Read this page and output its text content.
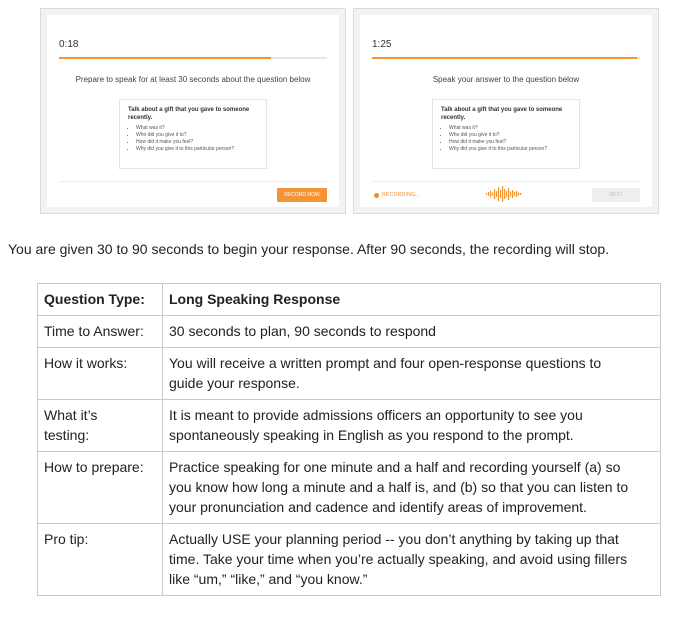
0:18
Prepare to speak for at least 30 seconds about the question below
Talk about a gift that you gave to someone recently.
• What was it?
• Who did you give it to?
• How did it make you feel?
• Why did you give it to this particular person?
RECORD NOW
1:25
Speak your answer to the question below
Talk about a gift that you gave to someone recently.
• What was it?
• Who did you give it to?
• How did it make you feel?
• Why did you give it to this particular person?
RECORDING...	NEXT
You are given 30 to 90 seconds to begin your response. After 90 seconds, the recording will stop.
Question Type:	Long Speaking Response
Time to Answer:	30 seconds to plan, 90 seconds to respond
How it works:	You will receive a written prompt and four open-response questions to
guide your response.
What it’s
testing:	It is meant to provide admissions officers an opportunity to see you
spontaneously speaking in English as you respond to the prompt.
How to prepare:	Practice speaking for one minute and a half and recording yourself (a) so
you know how long a minute and a half is, and (b) so that you can listen to
your pronunciation and cadence and identify areas of improvement.
Pro tip:	Actually USE your planning period -- you don’t anything by taking up that
time. Take your time when you’re actually speaking, and avoid using fillers
like “um,” “like,” and “you know.”
